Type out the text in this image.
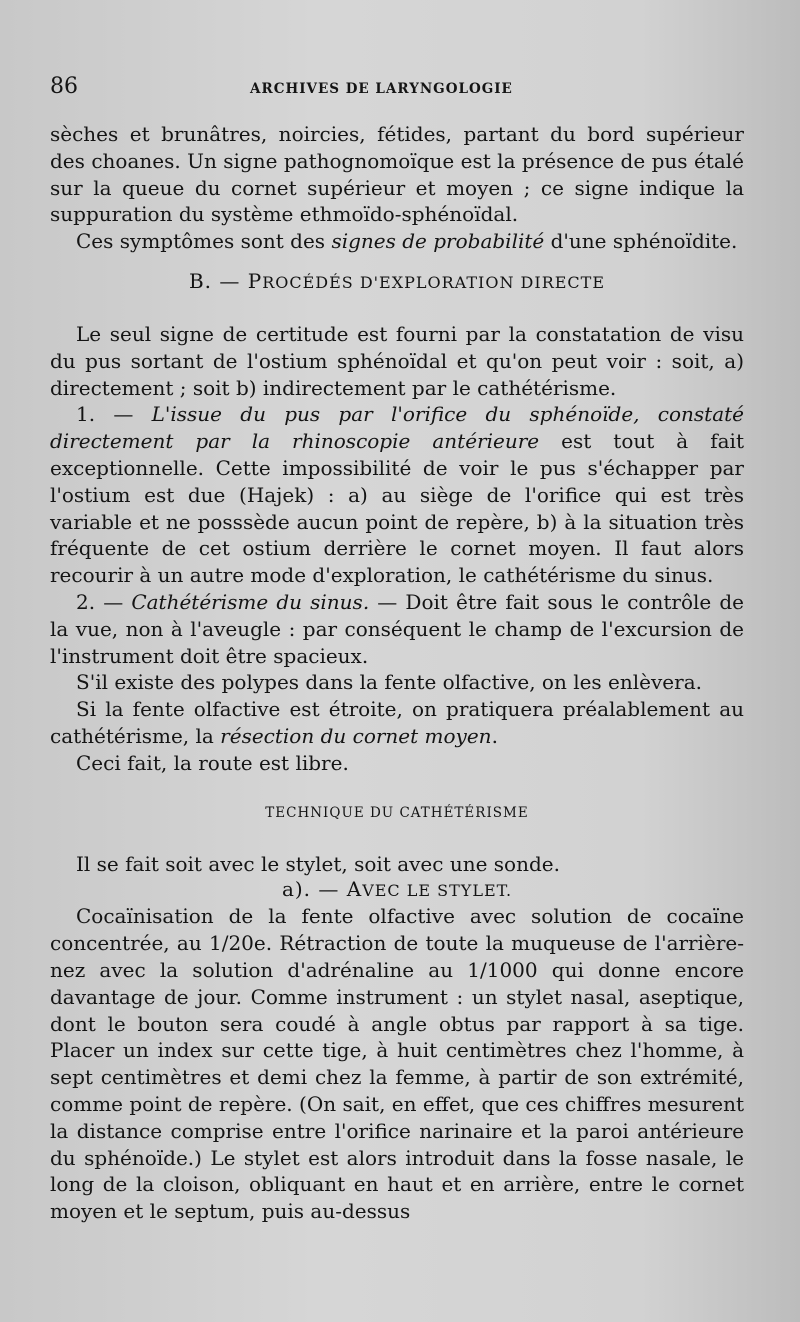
86	ARCHIVES DE LARYNGOLOGIE

sèches et brunâtres, noircies, fétides, partant du bord supérieur des choanes. Un signe pathognomoïque est la présence de pus étalé sur la queue du cornet supérieur et moyen ; ce signe indique la suppuration du système ethmoïdo-sphénoïdal.

Ces symptômes sont des signes de probabilité d'une sphénoïdite.

B. — PROCÉDÉS D'EXPLORATION DIRECTE

Le seul signe de certitude est fourni par la constatation de visu du pus sortant de l'ostium sphénoïdal et qu'on peut voir : soit, a) directement ; soit b) indirectement par le cathétérisme.

1. — L'issue du pus par l'orifice du sphénoïde, constaté directement par la rhinoscopie antérieure est tout à fait exceptionnelle. Cette impossibilité de voir le pus s'échapper par l'ostium est due (Hajek) : a) au siège de l'orifice qui est très variable et ne posssède aucun point de repère, b) à la situation très fréquente de cet ostium derrière le cornet moyen. Il faut alors recourir à un autre mode d'exploration, le cathétérisme du sinus.

2. — Cathétérisme du sinus. — Doit être fait sous le contrôle de la vue, non à l'aveugle : par conséquent le champ de l'excursion de l'instrument doit être spacieux.

S'il existe des polypes dans la fente olfactive, on les enlèvera.

Si la fente olfactive est étroite, on pratiquera préalablement au cathétérisme, la résection du cornet moyen.

Ceci fait, la route est libre.

TECHNIQUE DU CATHÉTÉRISME

Il se fait soit avec le stylet, soit avec une sonde.

a). — AVEC LE STYLET.

Cocaïnisation de la fente olfactive avec solution de cocaïne concentrée, au 1/20e. Rétraction de toute la muqueuse de l'arrière-nez avec la solution d'adrénaline au 1/1000 qui donne encore davantage de jour. Comme instrument : un stylet nasal, aseptique, dont le bouton sera coudé à angle obtus par rapport à sa tige. Placer un index sur cette tige, à huit centimètres chez l'homme, à sept centimètres et demi chez la femme, à partir de son extrémité, comme point de repère. (On sait, en effet, que ces chiffres mesurent la distance comprise entre l'orifice narinaire et la paroi antérieure du sphénoïde.) Le stylet est alors introduit dans la fosse nasale, le long de la cloison, obliquant en haut et en arrière, entre le cornet moyen et le septum, puis au-dessus
